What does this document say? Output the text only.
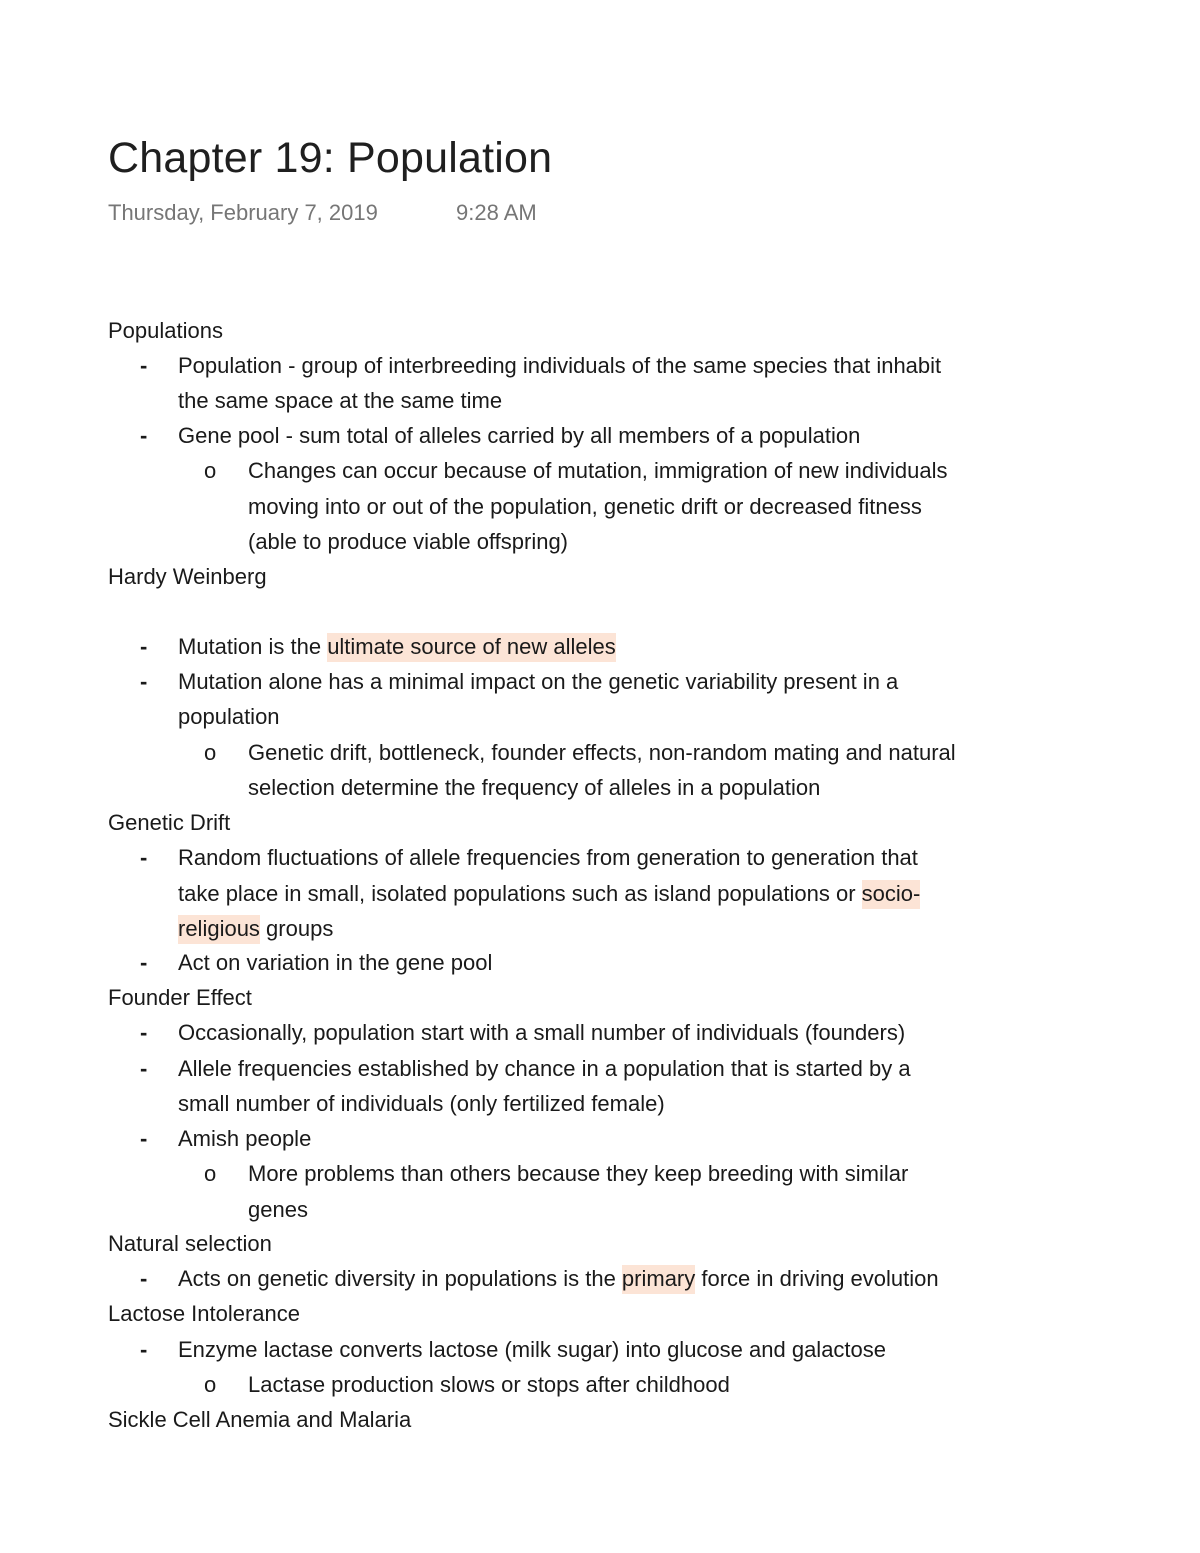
Chapter 19: Population
Thursday, February 7, 2019	9:28 AM
Populations
- Population - group of interbreeding individuals of the same species that inhabit
the same space at the same time
- Gene pool - sum total of alleles carried by all members of a population
o Changes can occur because of mutation, immigration of new individuals
moving into or out of the population, genetic drift or decreased fitness
(able to produce viable offspring)
Hardy Weinberg
- Mutation is the ultimate source of new alleles
- Mutation alone has a minimal impact on the genetic variability present in a
population
o Genetic drift, bottleneck, founder effects, non-random mating and natural
selection determine the frequency of alleles in a population
Genetic Drift
- Random fluctuations of allele frequencies from generation to generation that
take place in small, isolated populations such as island populations or socio-
religious groups
- Act on variation in the gene pool
Founder Effect
- Occasionally, population start with a small number of individuals (founders)
- Allele frequencies established by chance in a population that is started by a
small number of individuals (only fertilized female)
- Amish people
o More problems than others because they keep breeding with similar
genes
Natural selection
- Acts on genetic diversity in populations is the primary force in driving evolution
Lactose Intolerance
- Enzyme lactase converts lactose (milk sugar) into glucose and galactose
o Lactase production slows or stops after childhood
Sickle Cell Anemia and Malaria
